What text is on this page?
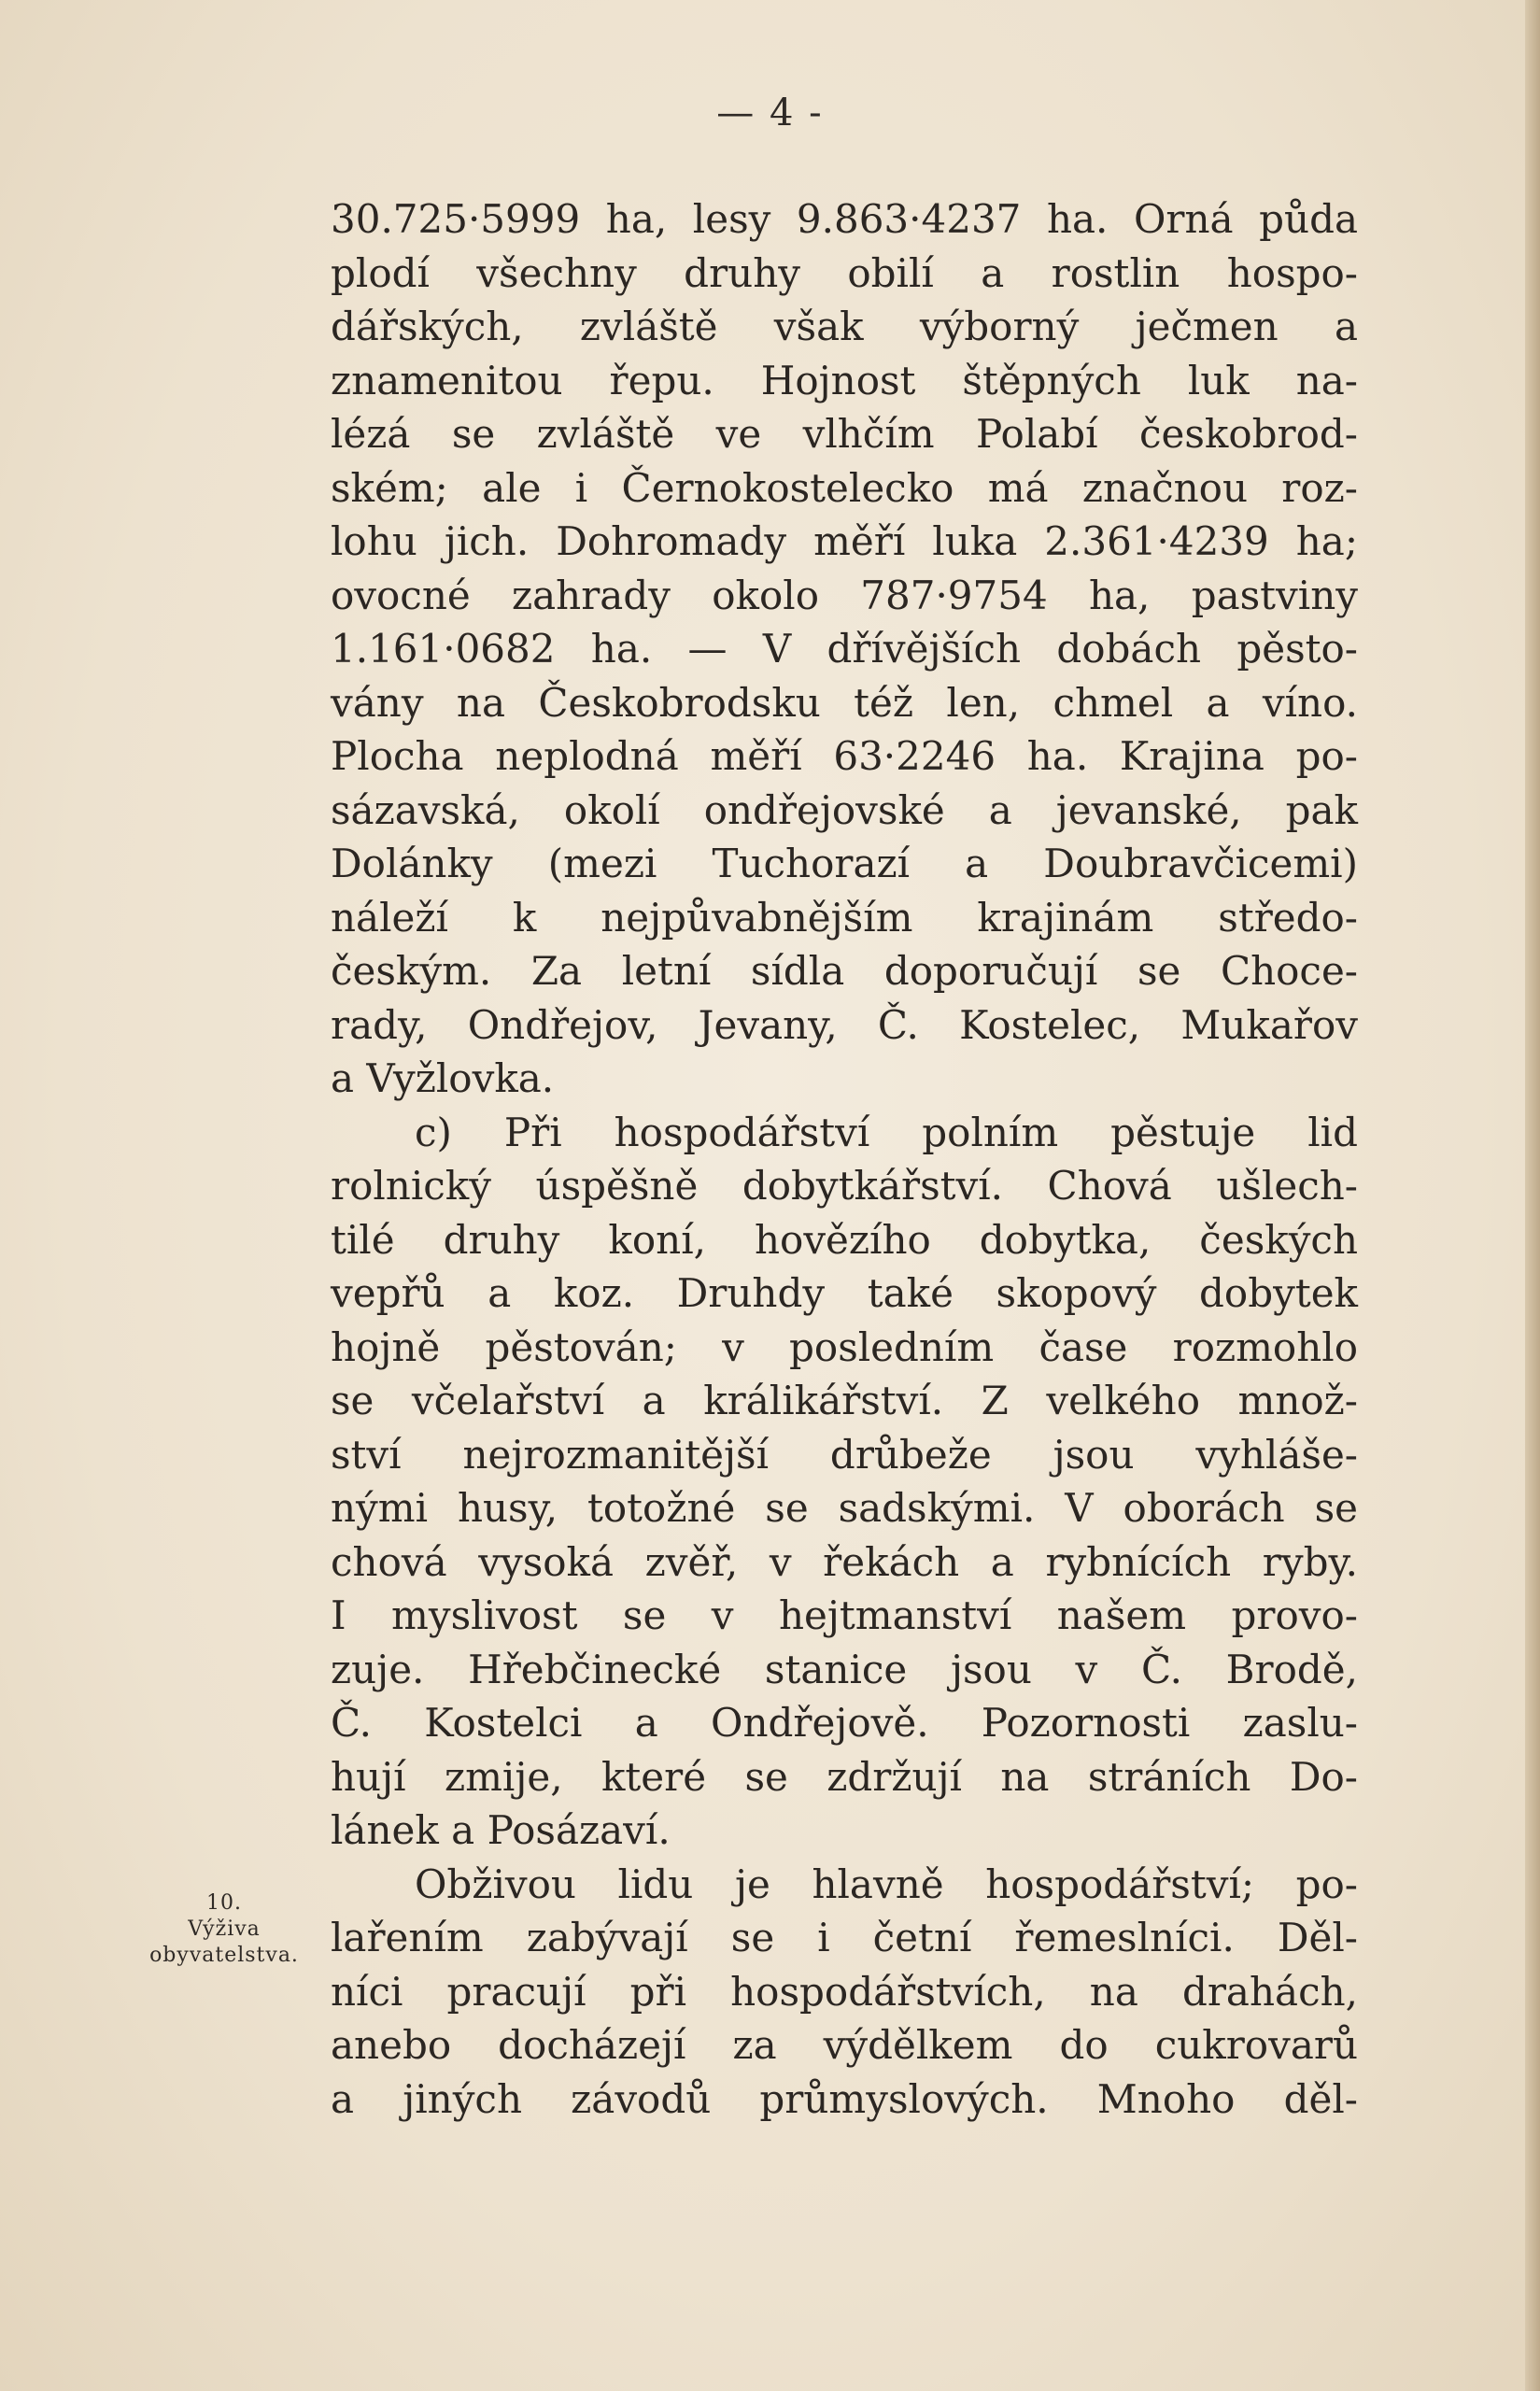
— 4 -
10.
Výživa
obyvatelstva.
30.725·5999 ha, lesy 9.863·4237 ha. Orná půda
plodí všechny druhy obilí a rostlin hospo-
dářských, zvláště však výborný ječmen a
znamenitou řepu. Hojnost štěpných luk na-
lézá se zvláště ve vlhčím Polabí českobrod-
ském; ale i Černokostelecko má značnou roz-
lohu jich. Dohromady měří luka 2.361·4239 ha;
ovocné zahrady okolo 787·9754 ha, pastviny
1.161·0682 ha. — V dřívějších dobách pěsto-
vány na Českobrodsku též len, chmel a víno.
Plocha neplodná měří 63·2246 ha. Krajina po-
sázavská, okolí ondřejovské a jevanské, pak
Dolánky (mezi Tuchorazí a Doubravčicemi)
náleží k nejpůvabnějším krajinám středo-
českým. Za letní sídla doporučují se Choce-
rady, Ondřejov, Jevany, Č. Kostelec, Mukařov
a Vyžlovka.
c) Při hospodářství polním pěstuje lid
rolnický úspěšně dobytkářství. Chová ušlech-
tilé druhy koní, hovězího dobytka, českých
vepřů a koz. Druhdy také skopový dobytek
hojně pěstován; v posledním čase rozmohlo
se včelařství a králikářství. Z velkého množ-
ství nejrozmanitější drůbeže jsou vyhláše-
nými husy, totožné se sadskými. V oborách se
chová vysoká zvěř, v řekách a rybnících ryby.
I myslivost se v hejtmanství našem provo-
zuje. Hřebčinecké stanice jsou v Č. Brodě,
Č. Kostelci a Ondřejově. Pozornosti zaslu-
hují zmije, které se zdržují na stráních Do-
lánek a Posázaví.
Obživou lidu je hlavně hospodářství; po-
lařením zabývají se i četní řemeslníci. Děl-
níci pracují při hospodářstvích, na drahách,
anebo docházejí za výdělkem do cukrovarů
a jiných závodů průmyslových. Mnoho děl-
